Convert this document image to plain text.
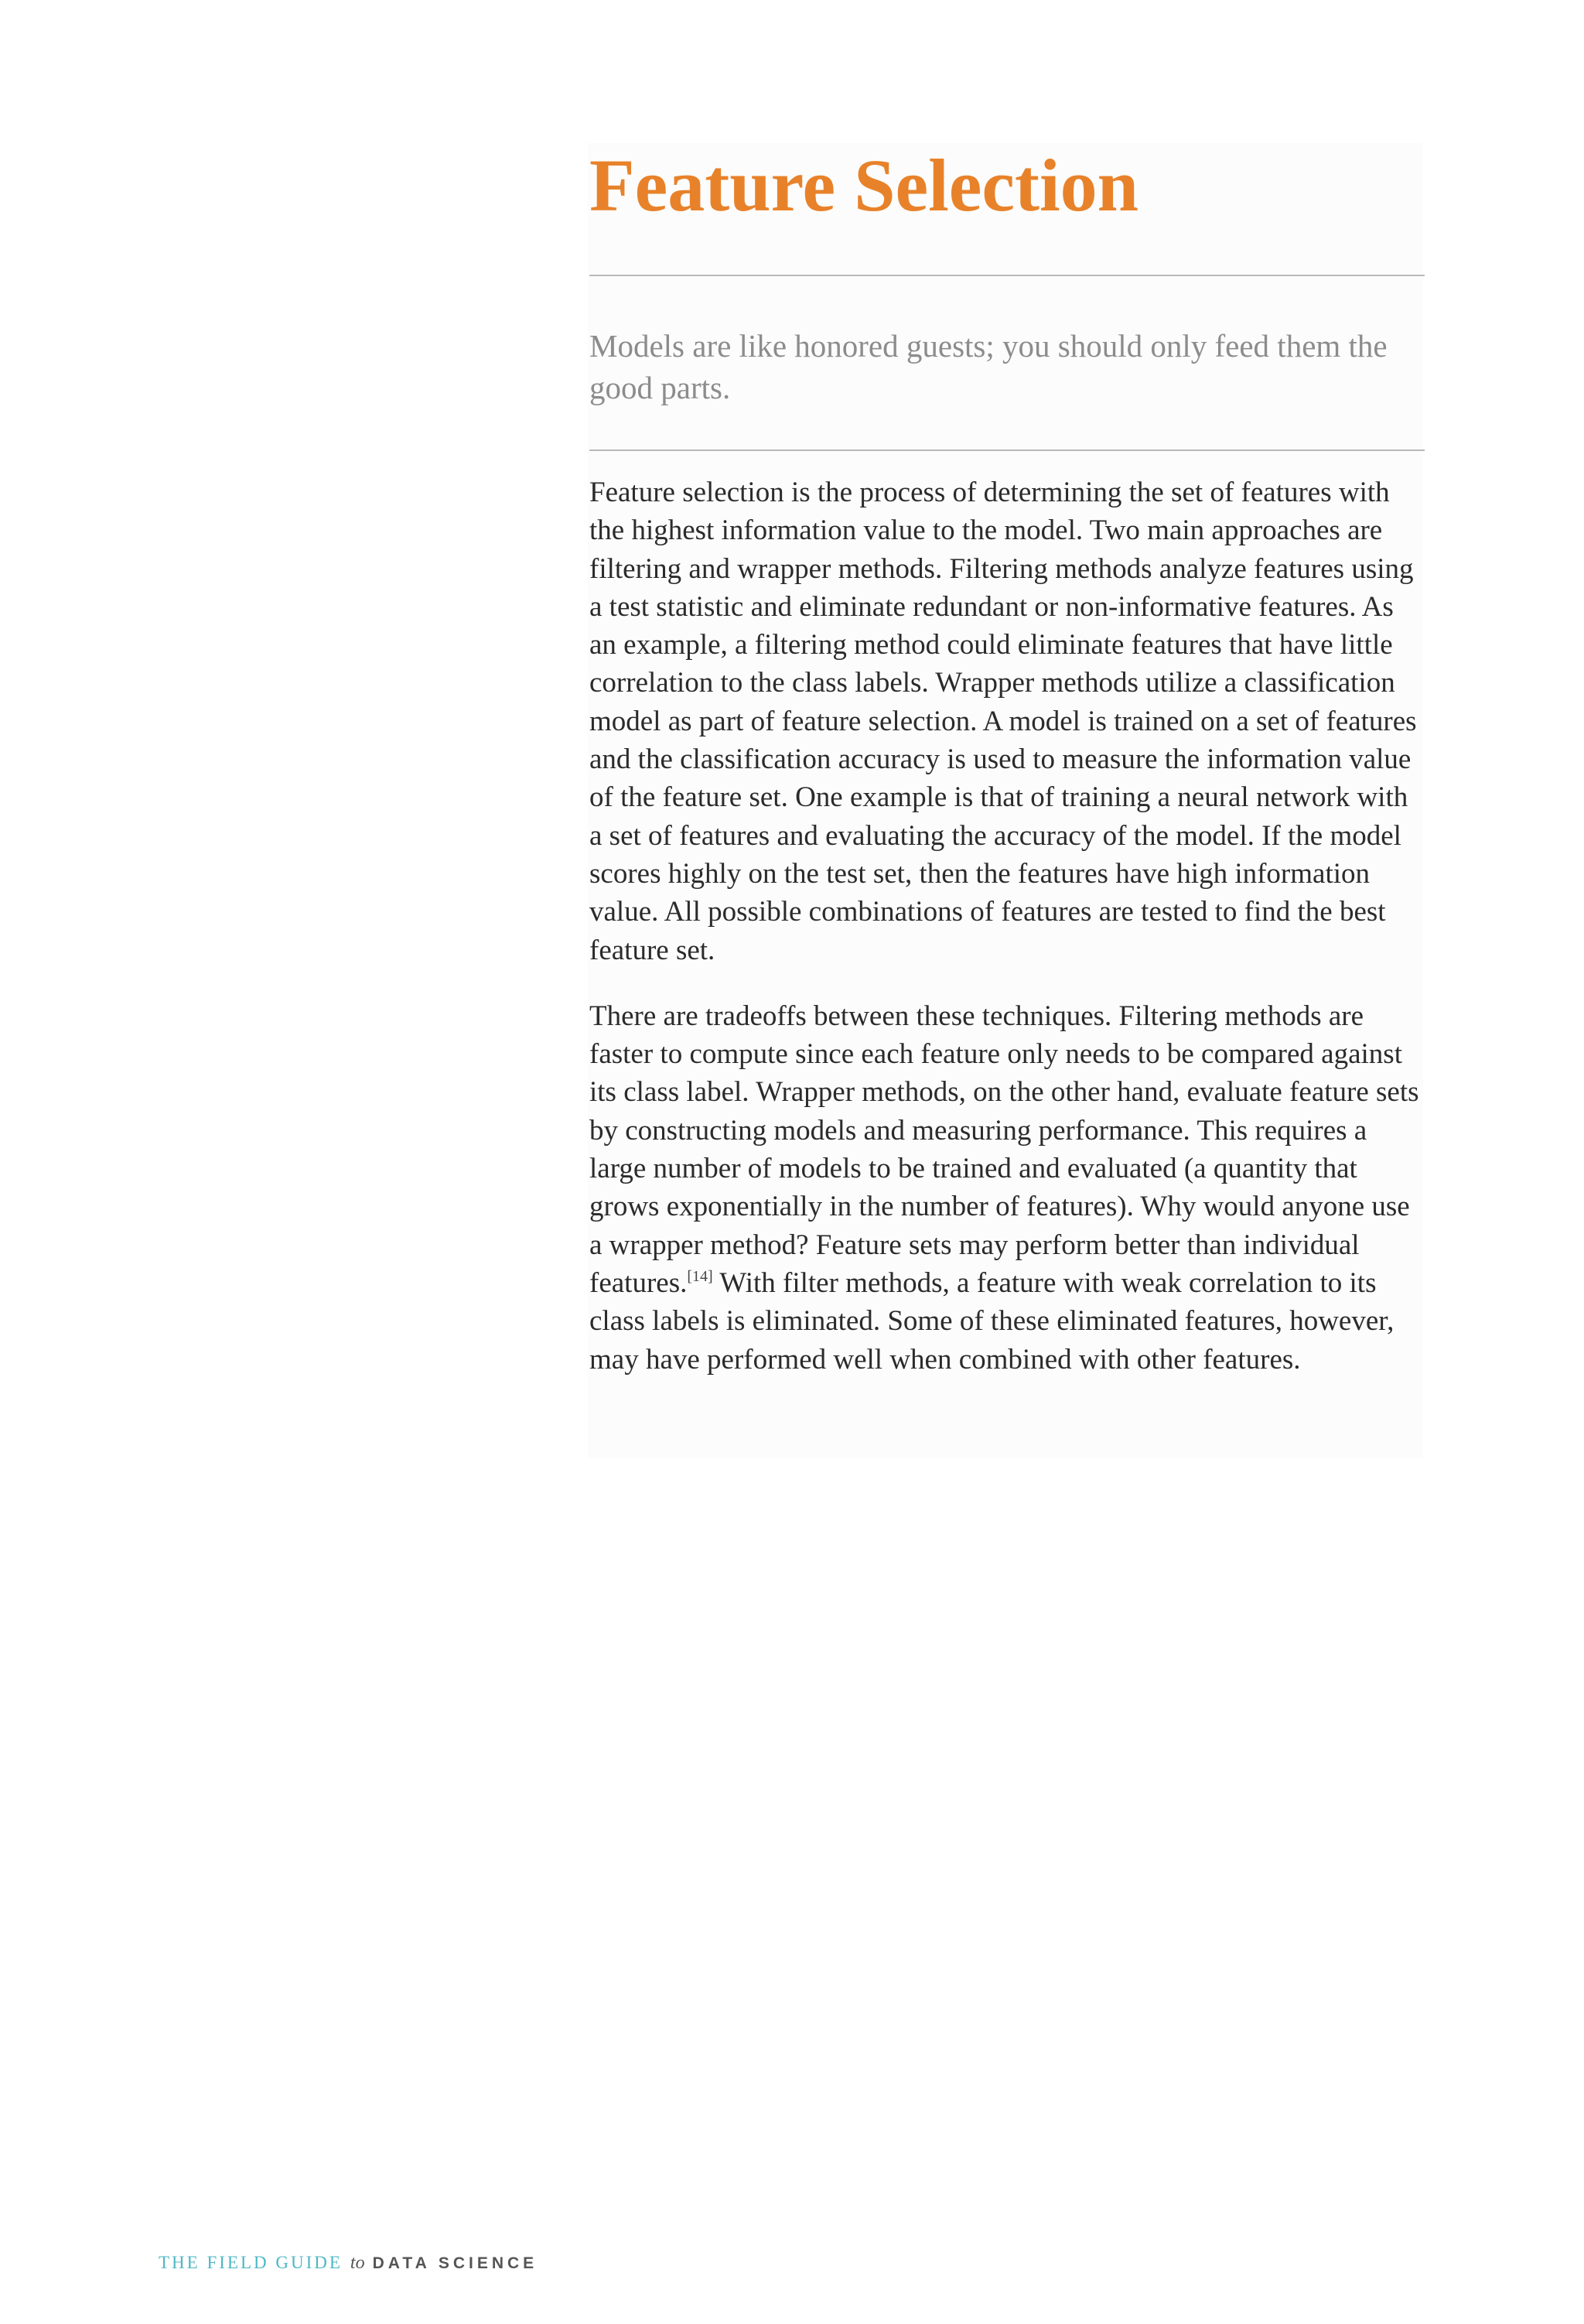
Feature Selection

Models are like honored guests; you should only feed them the good parts.

Feature selection is the process of determining the set of features with the highest information value to the model. Two main approaches are filtering and wrapper methods. Filtering methods analyze features using a test statistic and eliminate redundant or non-informative features. As an example, a filtering method could eliminate features that have little correlation to the class labels. Wrapper methods utilize a classification model as part of feature selection. A model is trained on a set of features and the classification accuracy is used to measure the information value of the feature set. One example is that of training a neural network with a set of features and evaluating the accuracy of the model. If the model scores highly on the test set, then the features have high information value. All possible combinations of features are tested to find the best feature set.

There are tradeoffs between these techniques. Filtering methods are faster to compute since each feature only needs to be compared against its class label. Wrapper methods, on the other hand, evaluate feature sets by constructing models and measuring performance. This requires a large number of models to be trained and evaluated (a quantity that grows exponentially in the number of features). Why would anyone use a wrapper method? Feature sets may perform better than individual features.[14] With filter methods, a feature with weak correlation to its class labels is eliminated. Some of these eliminated features, however, may have performed well when combined with other features.

THE FIELD GUIDE to DATA SCIENCE
